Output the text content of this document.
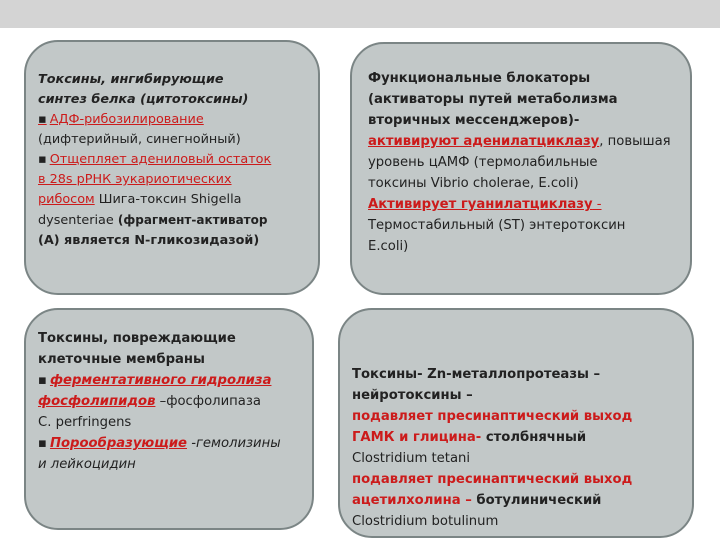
Токсины, ингибирующие
синтез белка (цитотоксины)
▪ АДФ-рибозилирование
(дифтерийный, синегнойный)
▪ Отщепляет адениловый остаток
в 28s рРНК эукариотических
рибосом Шига-токсин Shigella
dysenteriae (фрагмент-активатор
(А) является N-гликозидазой)
Функциональные блокаторы
(активаторы путей метаболизма
вторичных мессенджеров)-
активируют аденилатциклазу, повышая
уровень цАМФ (термолабильные
токсины Vibrio cholerae, E.coli)
Активирует гуанилатциклазу -
Термостабильный (ST) энтеротоксин
E.coli)
Токсины, повреждающие
клеточные мембраны
▪ ферментативного гидролиза
фосфолипидов –фосфолипаза
C. perfringens
▪ Порообразующие -гемолизины
и лейкоцидин
Токсины- Zn-металлопротеазы –
нейротоксины –
подавляет пресинаптический выход
ГАМК и глицина- столбнячный
Clostridium tetani
подавляет пресинаптический выход
ацетилхолина – ботулинический
Clostridium botulinum
